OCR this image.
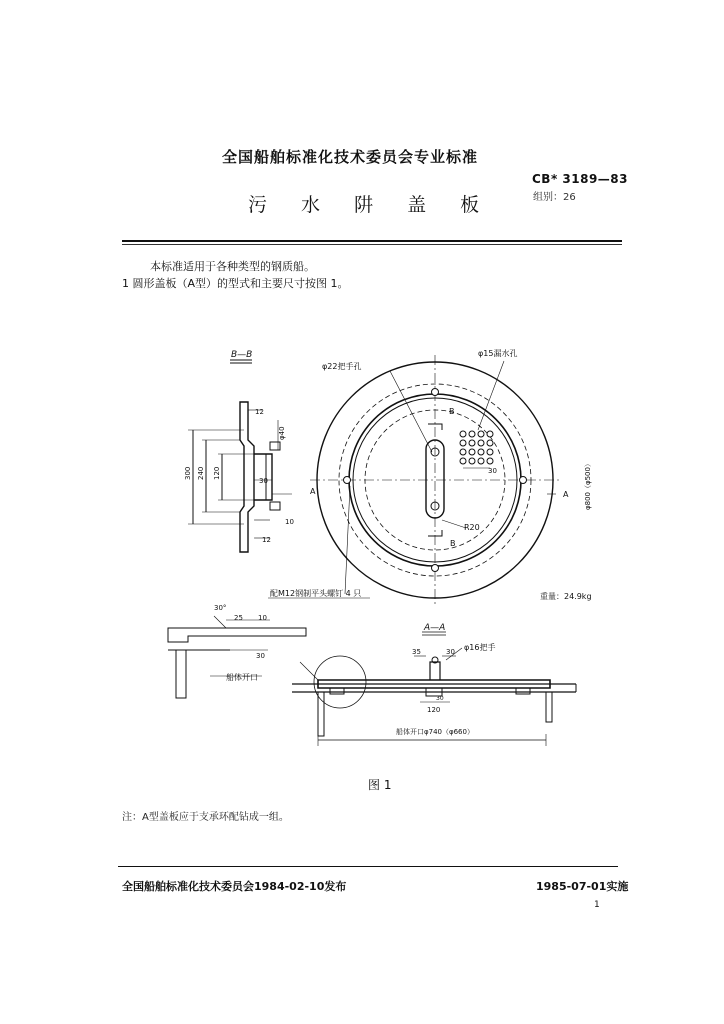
全国船舶标准化技术委员会专业标准
CB* 3189—83
组别：26
污 水 阱 盖 板
本标准适用于各种类型的钢质船。
1 圆形盖板（A型）的型式和主要尺寸按图 1。
B—B
12
φ40
300 240 120
30
10
12
A
30
φ22把手孔
φ15漏水孔
B
B
A
R20
φ800（φ500）
配M12钢制平头螺钉 4 只	重量：24.9kg
30°
25 10
30
船体开口
A—A
35	30
30
120
φ16把手
船体开口φ740（φ660）
图 1
注：A型盖板应于支承环配钻成一组。
全国船舶标准化技术委员会1984-02-10发布	1985-07-01实施
1
